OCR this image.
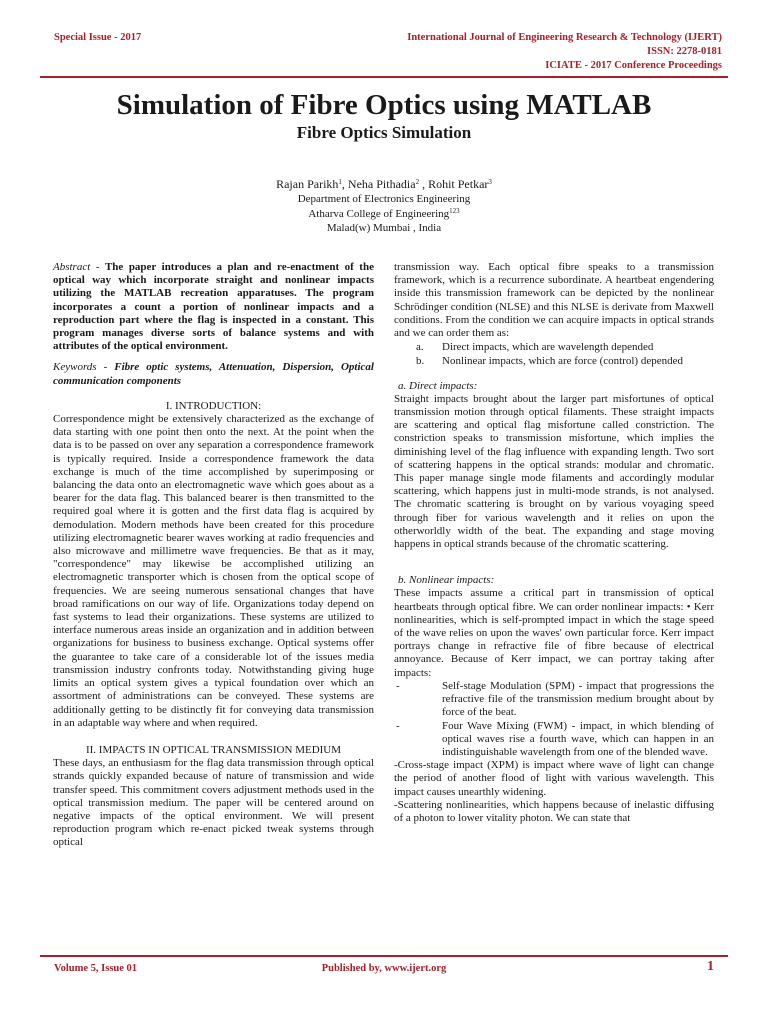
Special Issue - 2017	International Journal of Engineering Research & Technology (IJERT)
ISSN: 2278-0181
ICIATE - 2017 Conference Proceedings
Simulation of Fibre Optics using MATLAB
Fibre Optics Simulation
Rajan Parikh$^1$, Neha Pithadia$^2$ , Rohit Petkar$^3$
Department of Electronics Engineering
Atharva College of Engineering$^{123}$
Malad(w) Mumbai , India

Abstract - The paper introduces a plan and re-enactment of the optical way which incorporate straight and nonlinear impacts utilizing the MATLAB recreation apparatuses. The program incorporates a count a portion of nonlinear impacts and a reproduction part where the flag is inspected in a constant. This program manages diverse sorts of balance systems and with attributes of the optical environment.

Keywords - Fibre optic systems, Attenuation, Dispersion, Optical communication components

I. INTRODUCTION:

Correspondence might be extensively characterized as the exchange of data starting with one point then onto the next. At the point when the data is to be passed on over any separation a correspondence framework is typically required. Inside a correspondence framework the data exchange is much of the time accomplished by superimposing or balancing the data onto an electromagnetic wave which goes about as a bearer for the data flag. This balanced bearer is then transmitted to the required goal where it is gotten and the first data flag is acquired by demodulation. Modern methods have been created for this procedure utilizing electromagnetic bearer waves working at radio frequencies and also microwave and millimetre wave frequencies. Be that as it may, "correspondence" may likewise be accomplished utilizing an electromagnetic transporter which is chosen from the optical scope of frequencies. We are seeing numerous sensational changes that have broad ramifications on our way of life. Organizations today depend on fast systems to lead their organizations. These systems are utilized to interface numerous areas inside an organization and in addition between organizations for business to business exchange. Optical systems offer the guarantee to take care of a considerable lot of the issues media transmission industry confronts today. Notwithstanding giving huge limits an optical system gives a typical foundation over which an assortment of administrations can be conveyed. These systems are additionally getting to be distinctly fit for conveying data transmission in an adaptable way where and when required.

II. IMPACTS IN OPTICAL TRANSMISSION MEDIUM

These days, an enthusiasm for the flag data transmission through optical strands quickly expanded because of nature of transmission and wide transfer speed. This commitment covers adjustment methods used in the optical transmission medium. The paper will be centered around on negative impacts of the optical environment. We will present reproduction program which re-enact picked tweak systems through optical

transmission way. Each optical fibre speaks to a transmission framework, which is a recurrence subordinate. A heartbeat engendering inside this transmission framework can be depicted by the nonlinear Schrödinger condition (NLSE) and this NLSE is derivate from Maxwell conditions. From the condition we can acquire impacts in optical strands and we can order them as:

a.	Direct impacts, which are wavelength depended
b.	Nonlinear impacts, which are force (control) depended
a. Direct impacts:

Straight impacts brought about the larger part misfortunes of optical transmission motion through optical filaments. These straight impacts are scattering and optical flag misfortune called constriction. The constriction speaks to transmission misfortune, which implies the diminishing level of the flag influence with expanding length. Two sort of scattering happens in the optical strands: modular and chromatic. This paper manage single mode filaments and accordingly modular scattering, which happens just in multi-mode strands, is not analysed. The chromatic scattering is brought on by various voyaging speed through fiber for various wavelength and it relies on upon the otherworldly width of the beat. The expanding and stage moving happens in optical strands because of the chromatic scattering.

b. Nonlinear impacts:

These impacts assume a critical part in transmission of optical heartbeats through optical fibre. We can order nonlinear impacts: • Kerr nonlinearities, which is self-prompted impact in which the stage speed of the wave relies on upon the waves' own particular force. Kerr impact portrays change in refractive file of fibre because of electrical annoyance. Because of Kerr impact, we can portray taking after impacts:

-	Self-stage Modulation (SPM) - impact that progressions the refractive file of the transmission medium brought about by force of the beat.
-	Four Wave Mixing (FWM) - impact, in which blending of optical waves rise a fourth wave, which can happen in an indistinguishable wavelength from one of the blended wave.

-Cross-stage impact (XPM) is impact where wave of light can change the period of another flood of light with various wavelength. This impact causes unearthly widening.

-Scattering nonlinearities, which happens because of inelastic diffusing of a photon to lower vitality photon. We can state that

Volume 5, Issue 01	Published by, www.ijert.org	1
